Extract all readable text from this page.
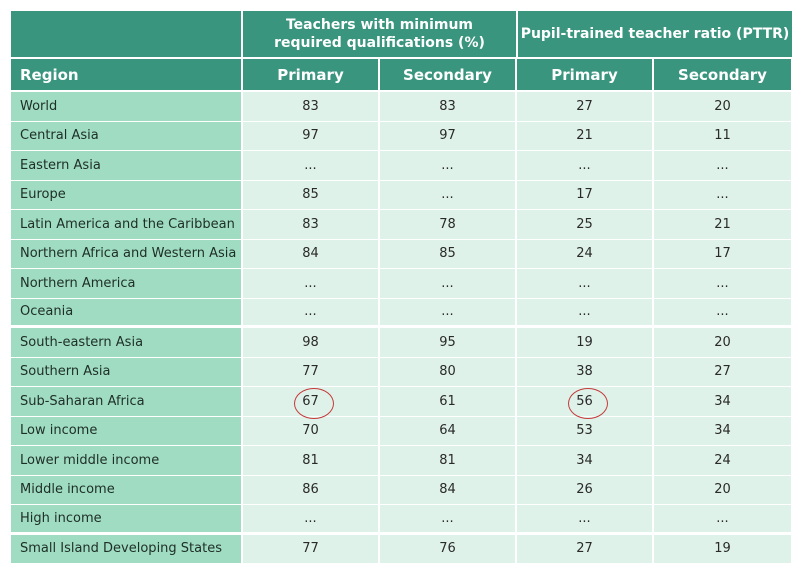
Teachers with minimum
required qualifications (%)
Pupil-trained teacher ratio (PTTR)
Region	Primary	Secondary	Primary	Secondary
World	83	83	27	20
Central Asia	97	97	21	11
Eastern Asia	...	...	...	...
Europe	85	...	17	...
Latin America and the Caribbean	83	78	25	21
Northern Africa and Western Asia	84	85	24	17
Northern America	...	...	...	...
Oceania	...	...	...	...
South-eastern Asia	98	95	19	20
Southern Asia	77	80	38	27
Sub-Saharan Africa	67	61	56	34
Low income	70	64	53	34
Lower middle income	81	81	34	24
Middle income	86	84	26	20
High income	...	...	...	...
Small Island Developing States	77	76	27	19
